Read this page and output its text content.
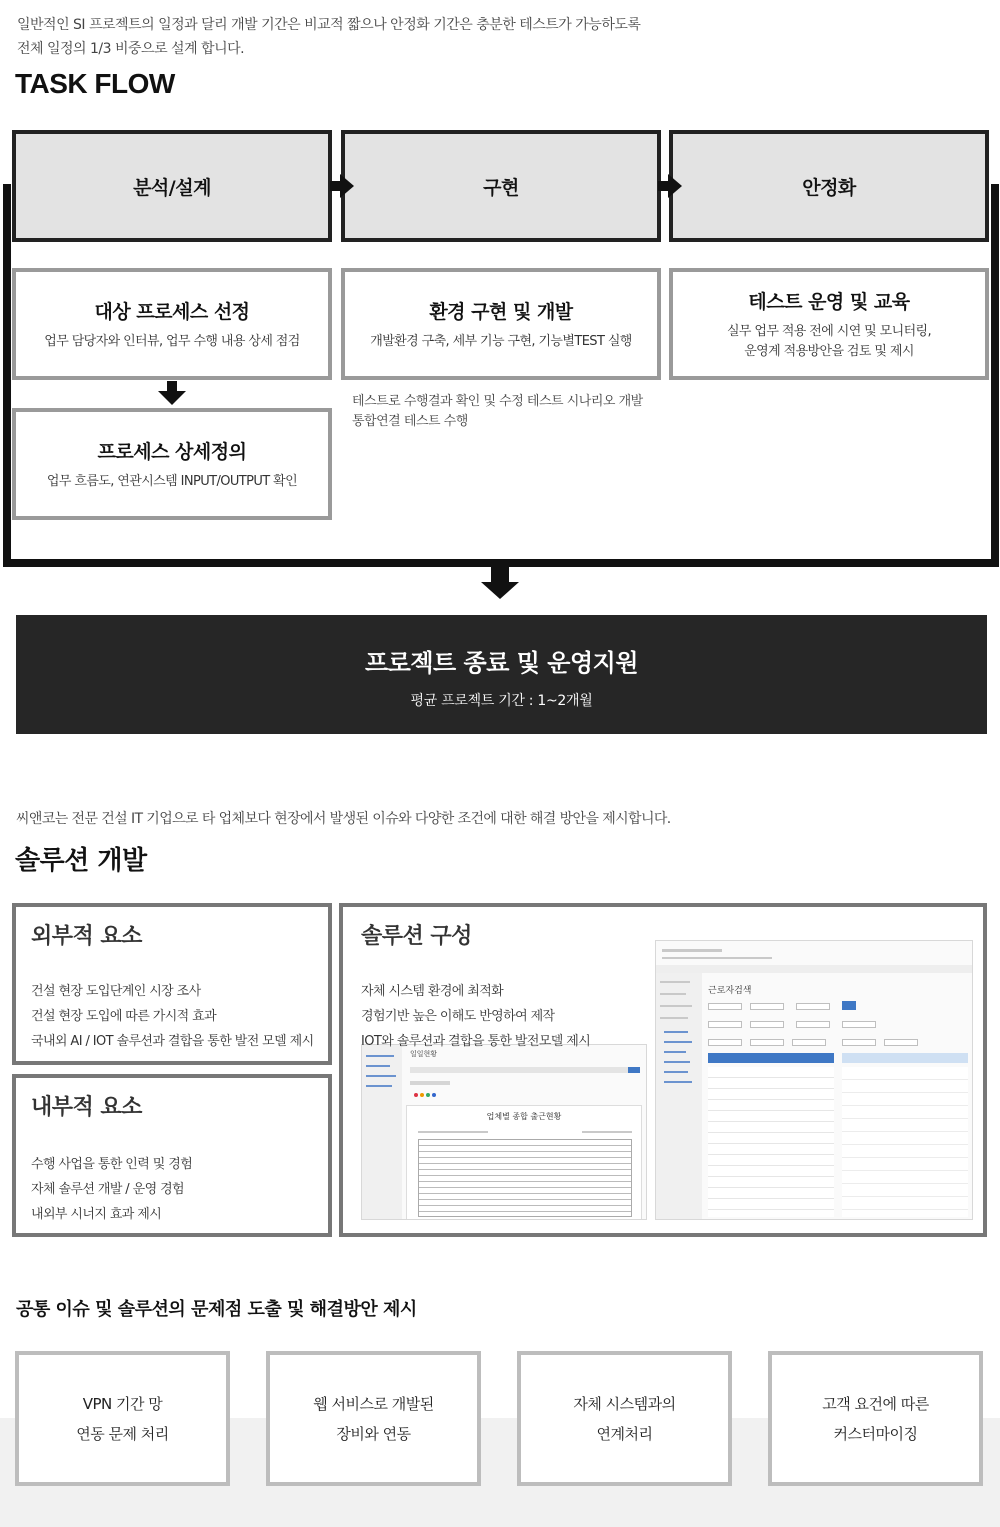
일반적인 SI 프로젝트의 일정과 달리 개발 기간은 비교적 짧으나 안정화 기간은 충분한 테스트가 가능하도록
전체 일정의 1/3 비중으로 설계 합니다.
TASK FLOW
분석/설계	구현	안정화
대상 프로세스 선정
업무 담당자와 인터뷰, 업무 수행 내용 상세 점검
프로세스 상세정의
업무 흐름도, 연관시스템 INPUT/OUTPUT 확인
환경 구현 및 개발
개발환경 구축, 세부 기능 구현, 기능별TEST 실행
테스트 운영 및 교육
실무 업무 적용 전에 시연 및 모니터링,
운영계 적용방안을 검토 및 제시
테스트로 수행결과 확인 및 수정 테스트 시나리오 개발
통합연결 테스트 수행
프로젝트 종료 및 운영지원
평균 프로젝트 기간 : 1~2개월
씨앤코는 전문 건설 IT 기업으로 타 업체보다 현장에서 발생된 이슈와 다양한 조건에 대한 해결 방안을 제시합니다.
솔루션 개발
외부적 요소
건설 현장 도입단계인 시장 조사
건설 현장 도입에 따른 가시적 효과
국내외 AI / IOT 솔루션과 결합을 통한 발전 모델 제시
내부적 요소
수행 사업을 통한 인력 및 경험
자체 솔루션 개발 / 운영 경험
내외부 시너지 효과 제시
솔루션 구성
근로자검색
일일현황
업체별 종합 출근현황
자체 시스템 환경에 최적화
경험기반 높은 이해도 반영하여 제작
IOT와 솔루션과 결합을 통한 발전모델 제시
공통 이슈 및 솔루션의 문제점 도출 및 해결방안 제시
VPN 기간 망
연동 문제 처리
웹 서비스로 개발된
장비와 연동
자체 시스템과의
연계처리
고객 요건에 따른
커스터마이징
